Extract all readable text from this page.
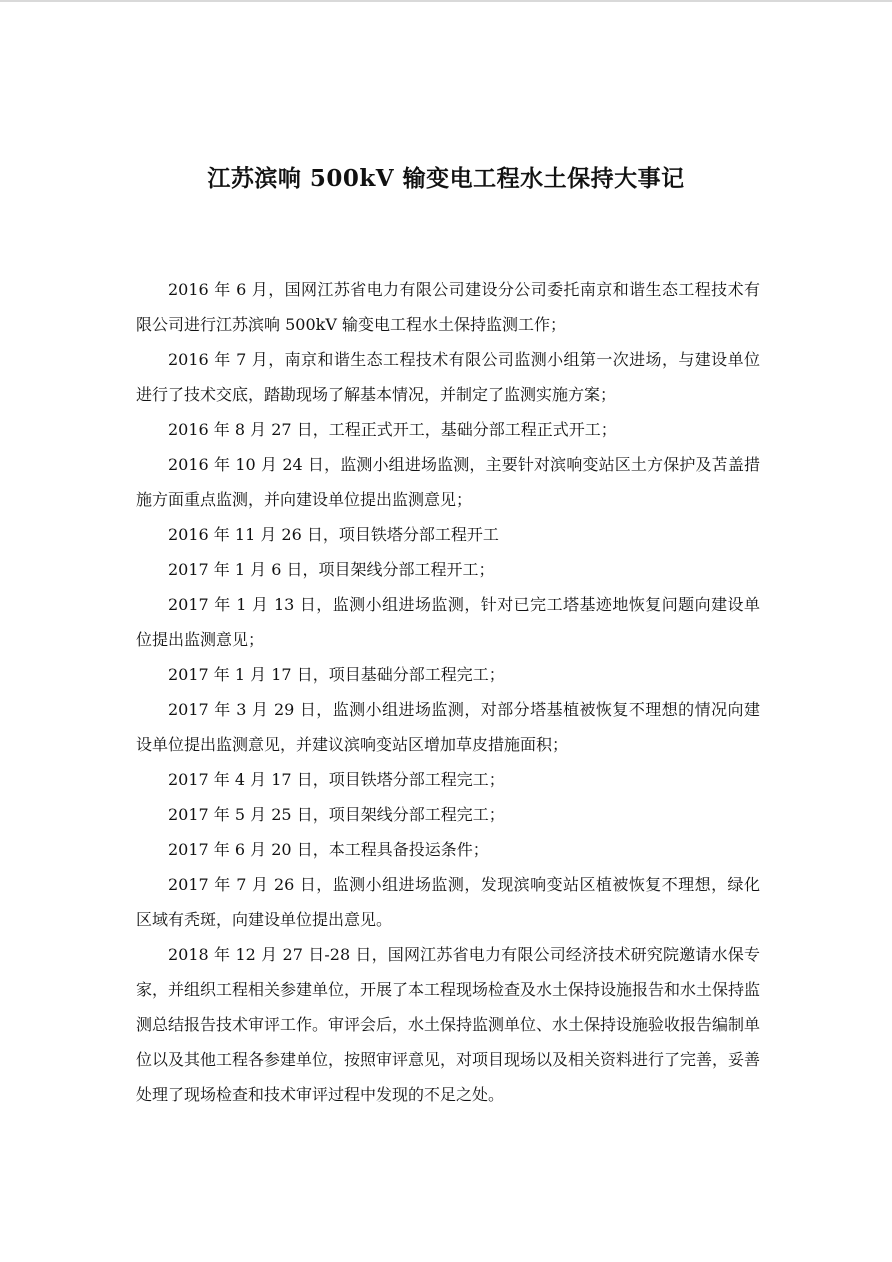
江苏滨响 500kV 输变电工程水土保持大事记

2016 年 6 月，国网江苏省电力有限公司建设分公司委托南京和谐生态工程技术有限公司进行江苏滨响 500kV 输变电工程水土保持监测工作；

2016 年 7 月，南京和谐生态工程技术有限公司监测小组第一次进场，与建设单位进行了技术交底，踏勘现场了解基本情况，并制定了监测实施方案；

2016 年 8 月 27 日，工程正式开工，基础分部工程正式开工；

2016 年 10 月 24 日，监测小组进场监测，主要针对滨响变站区土方保护及苫盖措施方面重点监测，并向建设单位提出监测意见；

2016 年 11 月 26 日，项目铁塔分部工程开工

2017 年 1 月 6 日，项目架线分部工程开工；

2017 年 1 月 13 日，监测小组进场监测，针对已完工塔基迹地恢复问题向建设单位提出监测意见；

2017 年 1 月 17 日，项目基础分部工程完工；

2017 年 3 月 29 日，监测小组进场监测，对部分塔基植被恢复不理想的情况向建设单位提出监测意见，并建议滨响变站区增加草皮措施面积；

2017 年 4 月 17 日，项目铁塔分部工程完工；

2017 年 5 月 25 日，项目架线分部工程完工；

2017 年 6 月 20 日，本工程具备投运条件；

2017 年 7 月 26 日，监测小组进场监测，发现滨响变站区植被恢复不理想，绿化区域有秃斑，向建设单位提出意见。

2018 年 12 月 27 日-28 日，国网江苏省电力有限公司经济技术研究院邀请水保专家，并组织工程相关参建单位，开展了本工程现场检查及水土保持设施报告和水土保持监测总结报告技术审评工作。审评会后，水土保持监测单位、水土保持设施验收报告编制单位以及其他工程各参建单位，按照审评意见，对项目现场以及相关资料进行了完善，妥善处理了现场检查和技术审评过程中发现的不足之处。
